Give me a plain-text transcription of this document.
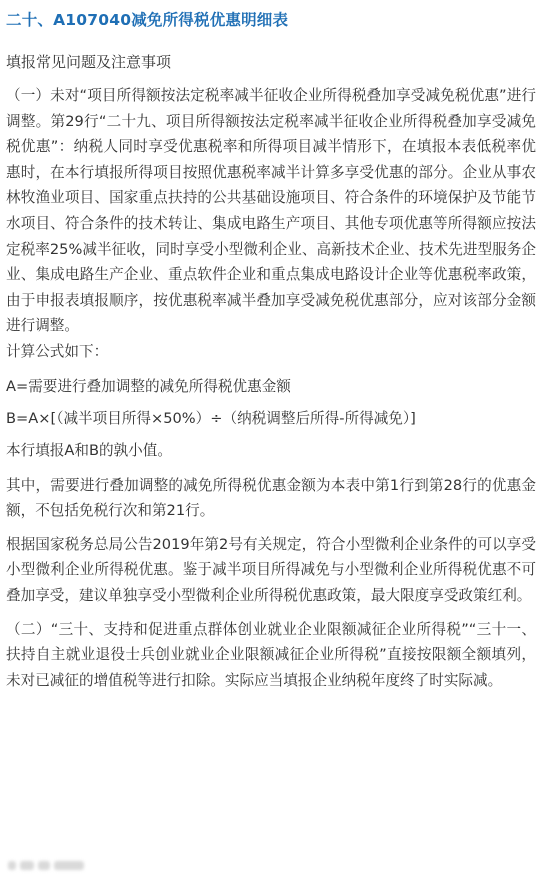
二十、A107040减免所得税优惠明细表
填报常见问题及注意事项
（一）未对“项目所得额按法定税率减半征收企业所得税叠加享受减免税优惠”进行调整。第29行“二十九、项目所得额按法定税率减半征收企业所得税叠加享受减免税优惠”：纳税人同时享受优惠税率和所得项目减半情形下，在填报本表低税率优惠时，在本行填报所得项目按照优惠税率减半计算多享受优惠的部分。企业从事农林牧渔业项目、国家重点扶持的公共基础设施项目、符合条件的环境保护及节能节水项目、符合条件的技术转让、集成电路生产项目、其他专项优惠等所得额应按法定税率25%减半征收，同时享受小型微利企业、高新技术企业、技术先进型服务企业、集成电路生产企业、重点软件企业和重点集成电路设计企业等优惠税率政策，由于申报表填报顺序，按优惠税率减半叠加享受减免税优惠部分，应对该部分金额进行调整。
计算公式如下：
A=需要进行叠加调整的减免所得税优惠金额
B=A×[（减半项目所得×50%）÷（纳税调整后所得-所得减免）]
本行填报A和B的孰小值。
其中，需要进行叠加调整的减免所得税优惠金额为本表中第1行到第28行的优惠金额，不包括免税行次和第21行。
根据国家税务总局公告2019年第2号有关规定，符合小型微利企业条件的可以享受小型微利企业所得税优惠。鉴于减半项目所得减免与小型微利企业所得税优惠不可叠加享受，建议单独享受小型微利企业所得税优惠政策，最大限度享受政策红利。
（二）“三十、支持和促进重点群体创业就业企业限额减征企业所得税”“三十一、扶持自主就业退役士兵创业就业企业限额减征企业所得税”直接按限额全额填列，未对已减征的增值税等进行扣除。实际应当填报企业纳税年度终了时实际减。
